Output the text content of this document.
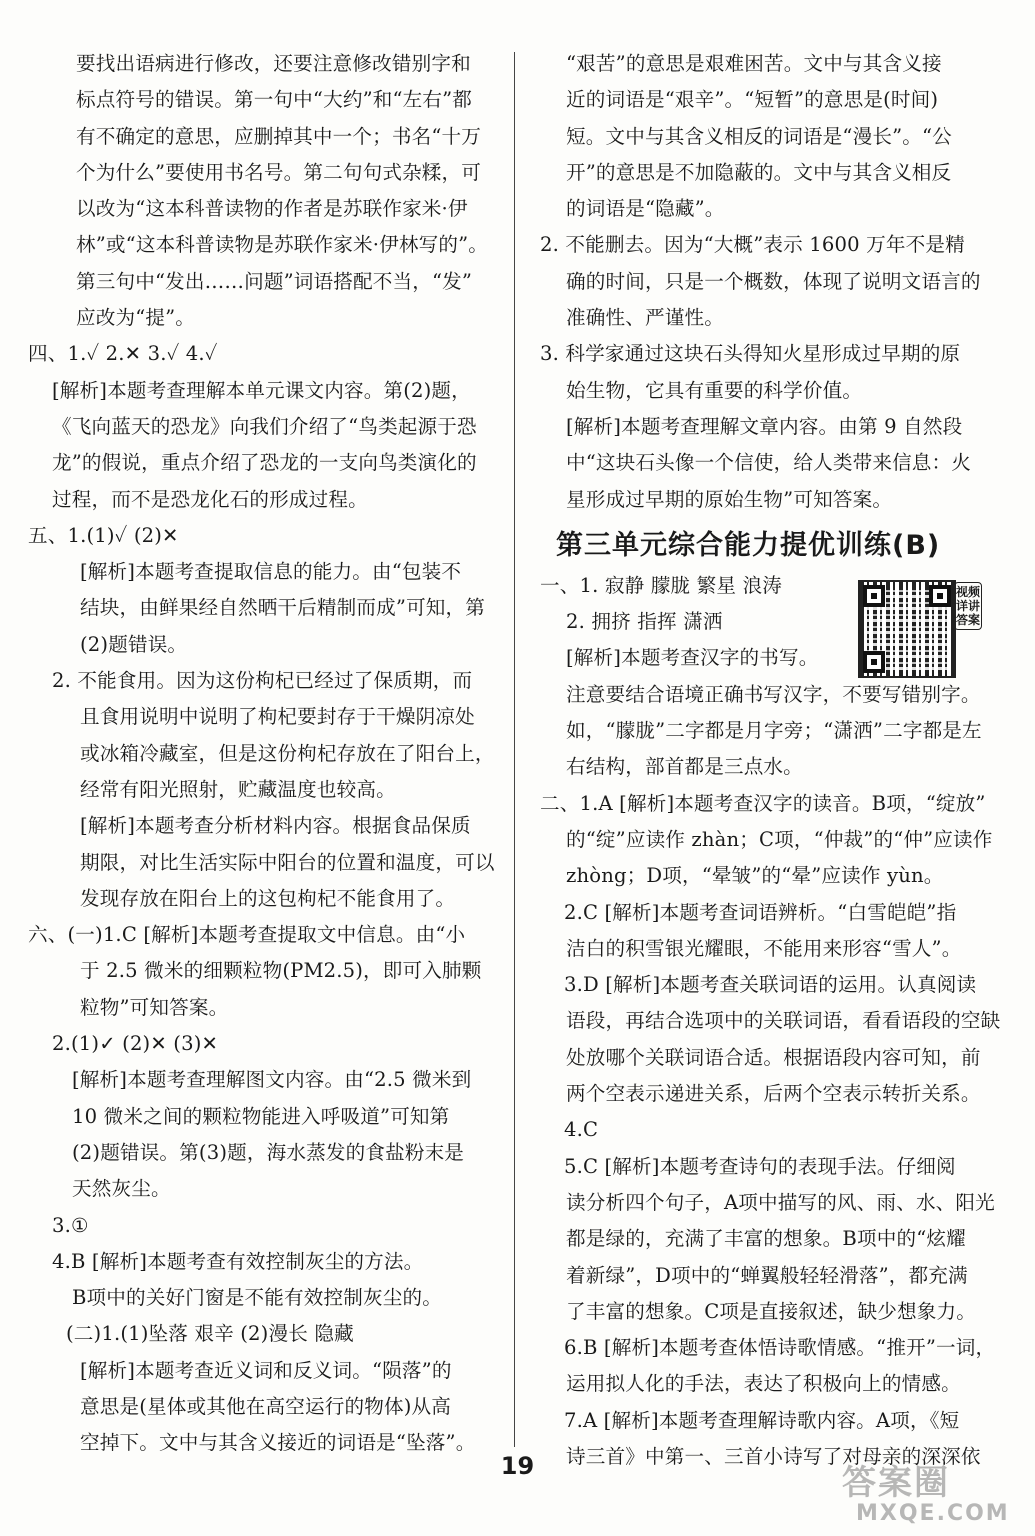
要找出语病进行修改，还要注意修改错别字和
标点符号的错误。第一句中“大约”和“左右”都
有不确定的意思，应删掉其中一个；书名“十万
个为什么”要使用书名号。第二句句式杂糅，可
以改为“这本科普读物的作者是苏联作家米·伊
林”或“这本科普读物是苏联作家米·伊林写的”。
第三句中“发出……问题”词语搭配不当，“发”
应改为“提”。
四、1.✓ 2.✕ 3.✓ 4.✓
[解析]本题考查理解本单元课文内容。第(2)题，
《飞向蓝天的恐龙》向我们介绍了“鸟类起源于恐
龙”的假说，重点介绍了恐龙的一支向鸟类演化的
过程，而不是恐龙化石的形成过程。
五、1.(1)✓ (2)✕
[解析]本题考查提取信息的能力。由“包装不
结块，由鲜果经自然晒干后精制而成”可知，第
(2)题错误。
2. 不能食用。因为这份枸杞已经过了保质期，而
且食用说明中说明了枸杞要封存于干燥阴凉处
或冰箱冷藏室，但是这份枸杞存放在了阳台上，
经常有阳光照射，贮藏温度也较高。
[解析]本题考查分析材料内容。根据食品保质
期限，对比生活实际中阳台的位置和温度，可以
发现存放在阳台上的这包枸杞不能食用了。
六、(一)1.C [解析]本题考查提取文中信息。由“小
于 2.5 微米的细颗粒物(PM2.5)，即可入肺颗
粒物”可知答案。
2.(1)✓ (2)✕ (3)✕
[解析]本题考查理解图文内容。由“2.5 微米到
10 微米之间的颗粒物能进入呼吸道”可知第
(2)题错误。第(3)题，海水蒸发的食盐粉末是
天然灰尘。
3.①
4.B [解析]本题考查有效控制灰尘的方法。
B项中的关好门窗是不能有效控制灰尘的。
(二)1.(1)坠落 艰辛 (2)漫长 隐藏
[解析]本题考查近义词和反义词。“陨落”的
意思是(星体或其他在高空运行的物体)从高
空掉下。文中与其含义接近的词语是“坠落”。
“艰苦”的意思是艰难困苦。文中与其含义接
近的词语是“艰辛”。“短暂”的意思是(时间)
短。文中与其含义相反的词语是“漫长”。“公
开”的意思是不加隐蔽的。文中与其含义相反
的词语是“隐藏”。
2. 不能删去。因为“大概”表示 1600 万年不是精
确的时间，只是一个概数，体现了说明文语言的
准确性、严谨性。
3. 科学家通过这块石头得知火星形成过早期的原
始生物，它具有重要的科学价值。
[解析]本题考查理解文章内容。由第 9 自然段
中“这块石头像一个信使，给人类带来信息：火
星形成过早期的原始生物”可知答案。
第三单元综合能力提优训练(B)
一、1. 寂静 朦胧 繁星 浪涛
2. 拥挤 指挥 潇洒
[解析]本题考查汉字的书写。
注意要结合语境正确书写汉字，不要写错别字。
如，“朦胧”二字都是月字旁；“潇洒”二字都是左
右结构，部首都是三点水。
二、1.A [解析]本题考查汉字的读音。B项，“绽放”
的“绽”应读作 zhàn；C项，“仲裁”的“仲”应读作
zhòng；D项，“晕皱”的“晕”应读作 yùn。
2.C [解析]本题考查词语辨析。“白雪皑皑”指
洁白的积雪银光耀眼，不能用来形容“雪人”。
3.D [解析]本题考查关联词语的运用。认真阅读
语段，再结合选项中的关联词语，看看语段的空缺
处放哪个关联词语合适。根据语段内容可知，前
两个空表示递进关系，后两个空表示转折关系。
4.C
5.C [解析]本题考查诗句的表现手法。仔细阅
读分析四个句子，A项中描写的风、雨、水、阳光
都是绿的，充满了丰富的想象。B项中的“炫耀
着新绿”，D项中的“蝉翼般轻轻滑落”，都充满
了丰富的想象。C项是直接叙述，缺少想象力。
6.B [解析]本题考查体悟诗歌情感。“推开”一词，
运用拟人化的手法，表达了积极向上的情感。
7.A [解析]本题考查理解诗歌内容。A项，《短
诗三首》中第一、三首小诗写了对母亲的深深依
视频详讲答案
19	答案圈
MXQE.COM
